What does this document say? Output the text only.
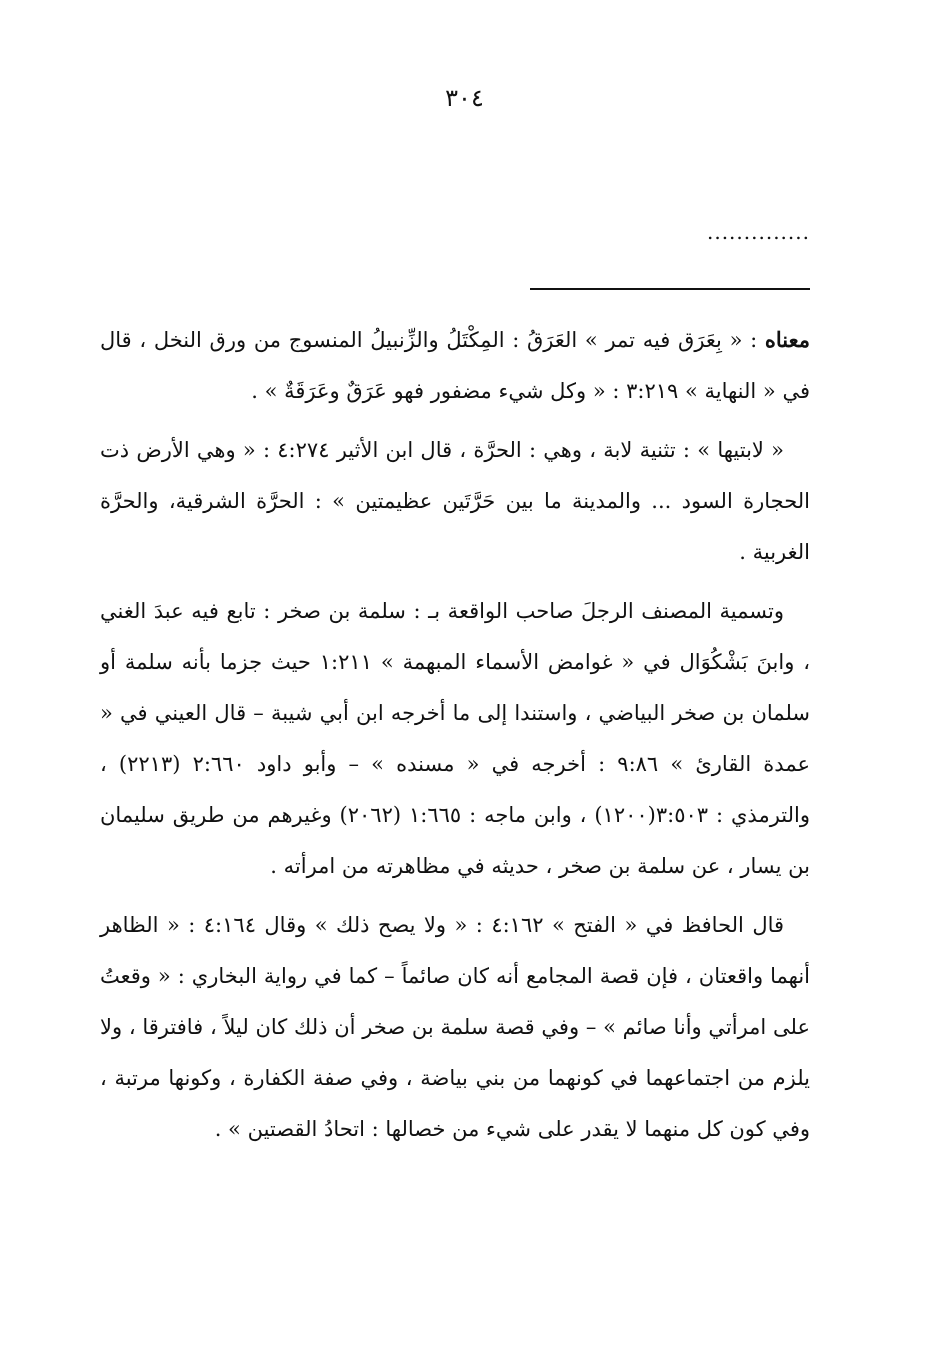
٣٠٤
..............

معناه : « بِعَرَق فيه تمر » العَرَقُ : المِكْتَلُ والزِّنبيلُ المنسوج من ورق النخل ، قال في « النهاية » ٣:٢١٩ : « وكل شيء مضفور فهو عَرَقٌ وعَرَقَةٌ » .

« لابتيها » : تثنية لابة ، وهي : الحرَّة ، قال ابن الأثير ٤:٢٧٤ : « وهي الأرض ذت الحجارة السود ... والمدينة ما بين حَرَّتَين عظيمتين » : الحرَّة الشرقية، والحرَّة الغربية .

وتسمية المصنف الرجلَ صاحب الواقعة بـ : سلمة بن صخر : تابع فيه عبدَ الغني ، وابنَ بَشْكُوَال في « غوامض الأسماء المبهمة » ١:٢١١ حيث جزما بأنه سلمة أو سلمان بن صخر البياضي ، واستندا إلى ما أخرجه ابن أبي شيبة – قال العيني في « عمدة القارئ » ٩:٨٦ : أخرجه في « مسنده » – وأبو داود ٢:٦٦٠ (٢٢١٣) ، والترمذي : ٣:٥٠٣(١٢٠٠) ، وابن ماجه : ١:٦٦٥ (٢٠٦٢) وغيرهم من طريق سليمان بن يسار ، عن سلمة بن صخر ، حديثه في مظاهرته من امرأته .

قال الحافظ في « الفتح » ٤:١٦٢ : « ولا يصح ذلك » وقال ٤:١٦٤ : « الظاهر أنهما واقعتان ، فإن قصة المجامع أنه كان صائماً – كما في رواية البخاري : « وقعتُ على امرأتي وأنا صائم » – وفي قصة سلمة بن صخر أن ذلك كان ليلاً ، فافترقا ، ولا يلزم من اجتماعهما في كونهما من بني بياضة ، وفي صفة الكفارة ، وكونها مرتبة ، وفي كون كل منهما لا يقدر على شيء من خصالها : اتحادُ القصتين » .
